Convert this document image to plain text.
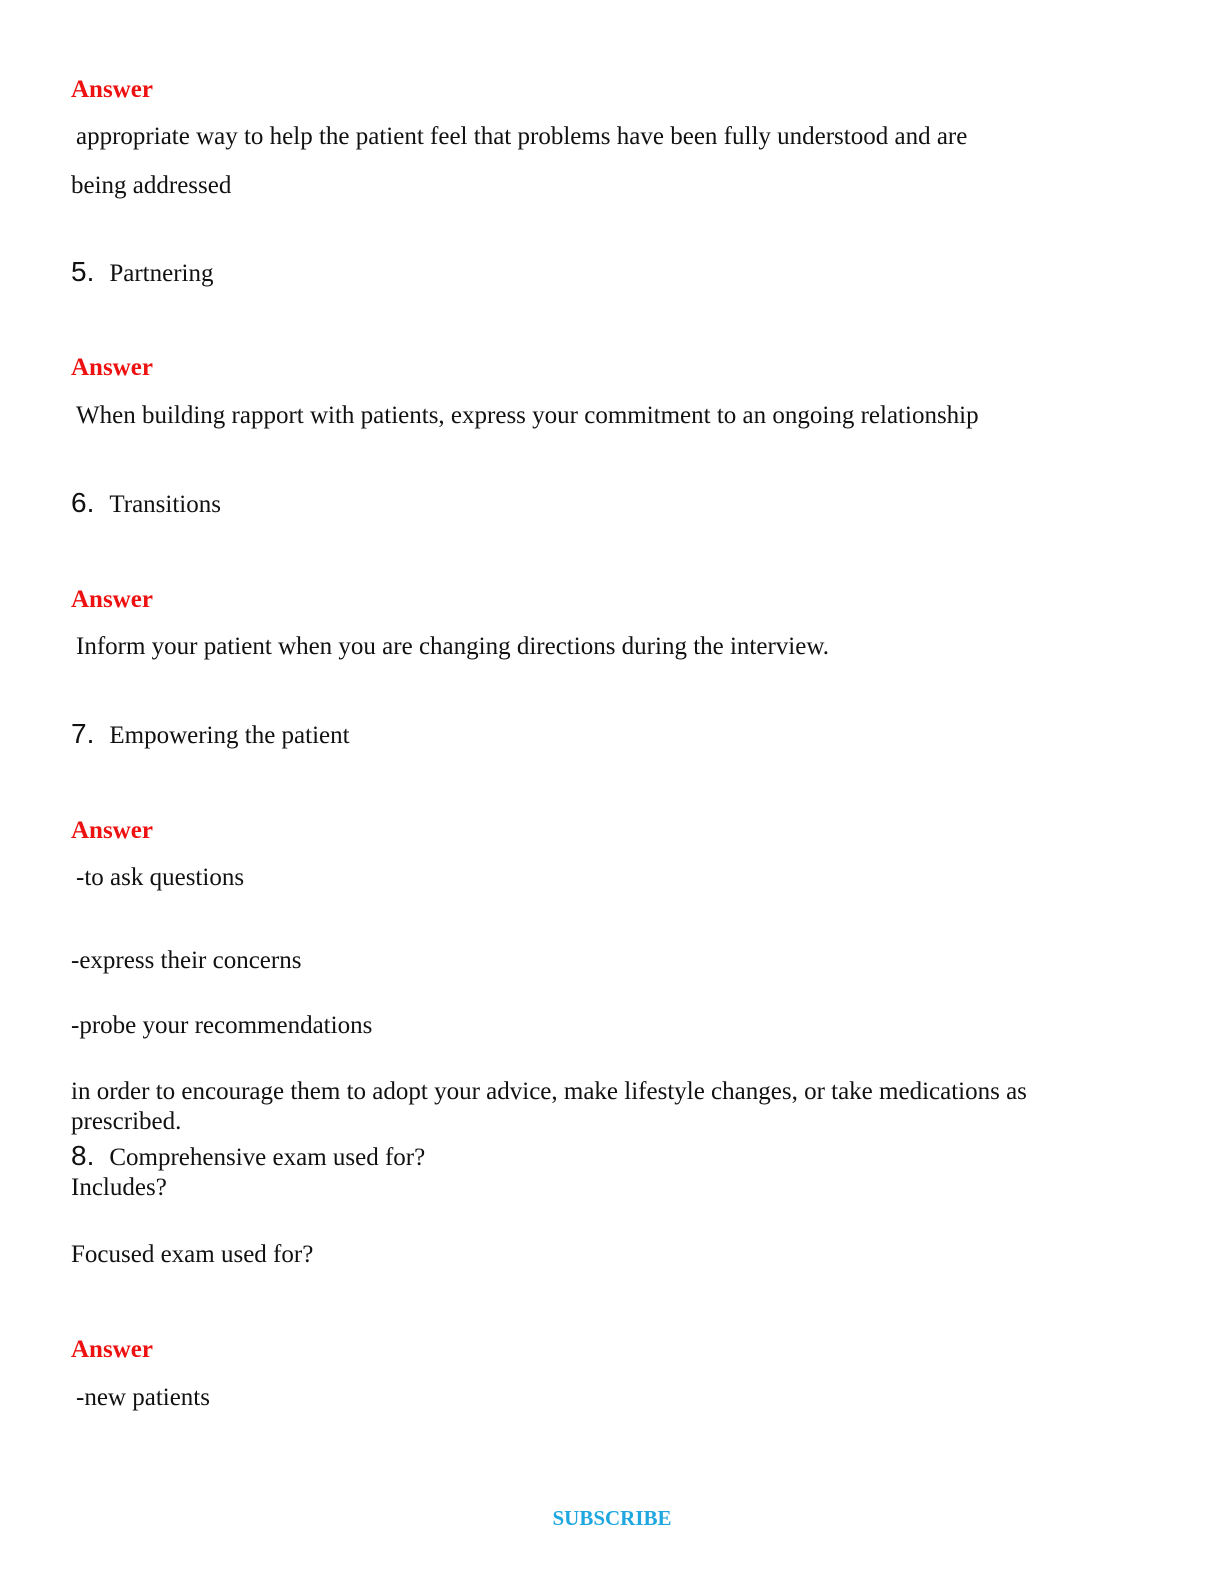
Answer
appropriate way to help the patient feel that problems have been fully understood and are
being addressed
5. Partnering
Answer
When building rapport with patients, express your commitment to an ongoing relationship
6. Transitions
Answer
Inform your patient when you are changing directions during the interview.
7. Empowering the patient
Answer
-to ask questions
-express their concerns
-probe your recommendations
in order to encourage them to adopt your advice, make lifestyle changes, or take medications as
prescribed.
8. Comprehensive exam used for?
Includes?
Focused exam used for?
Answer
-new patients
SUBSCRIBE
